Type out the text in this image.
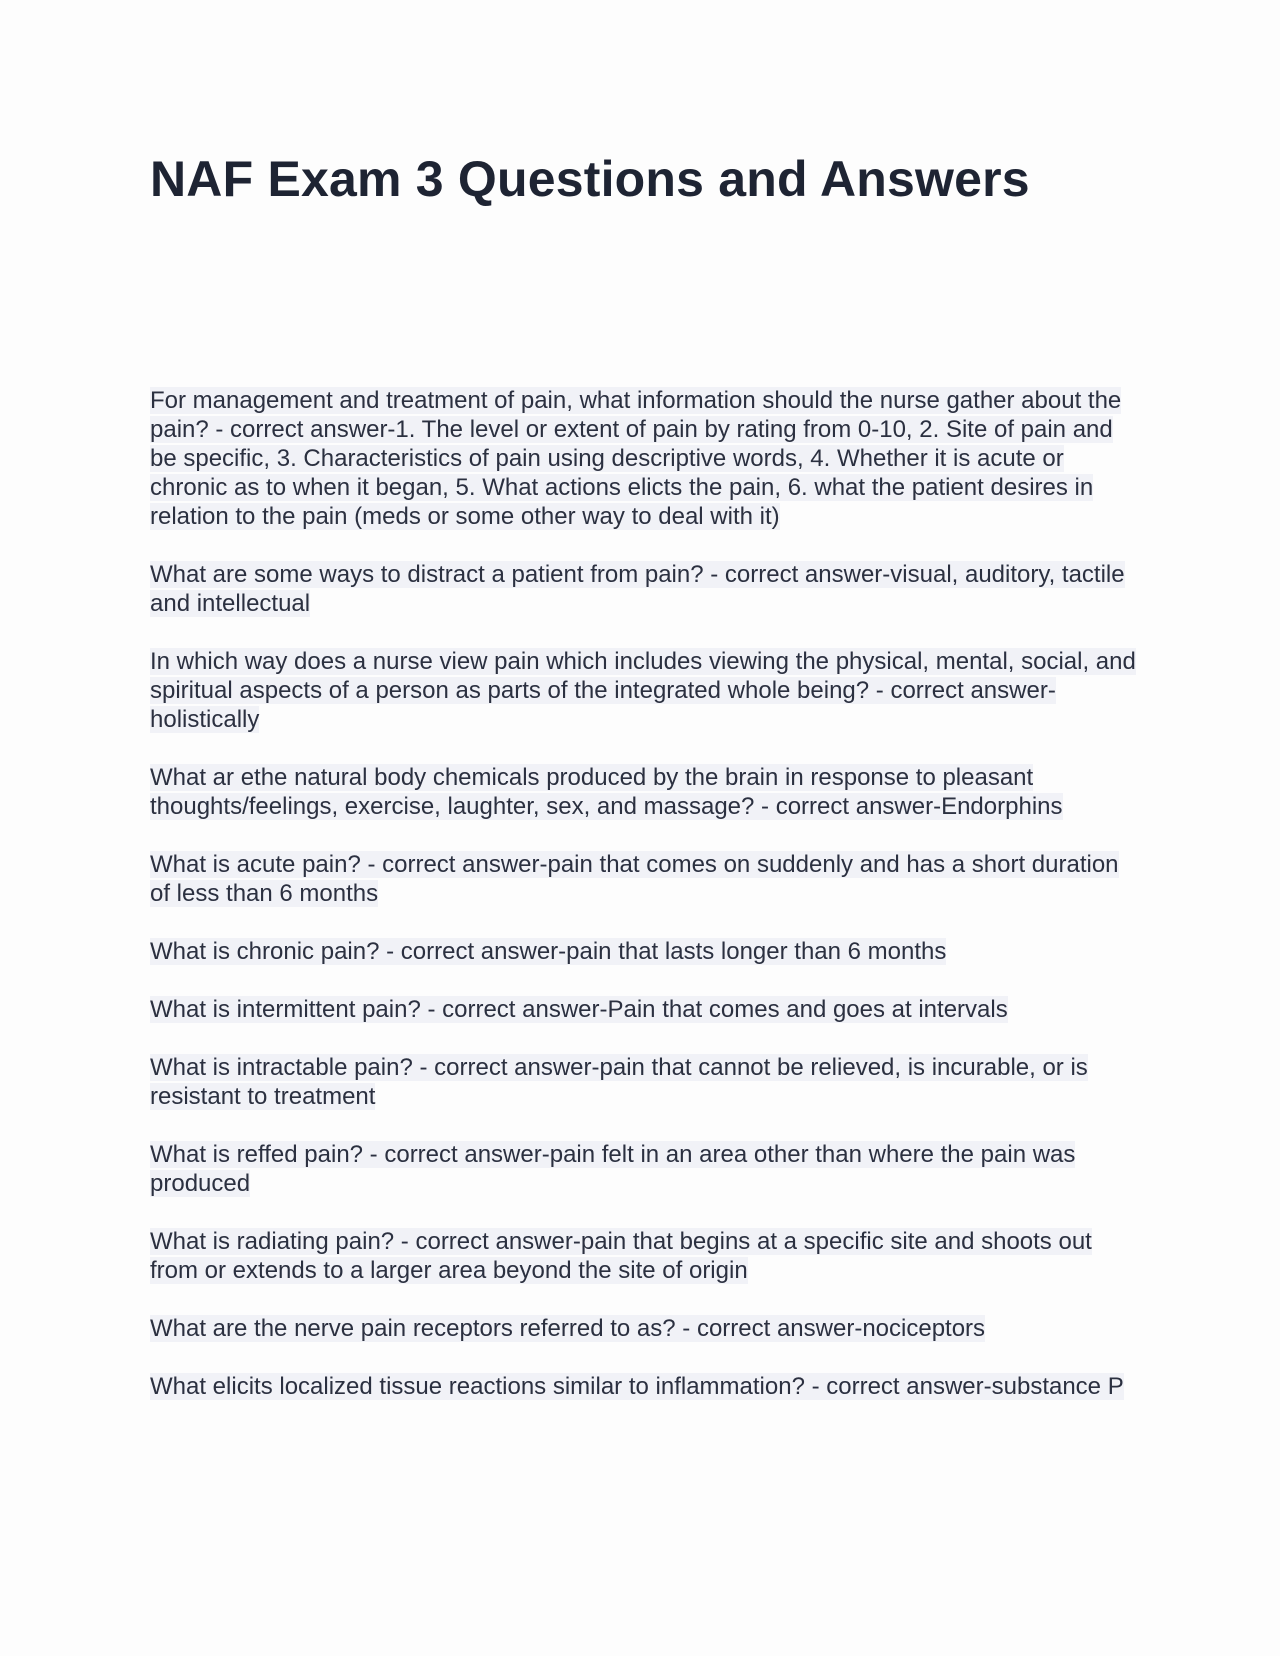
NAF Exam 3 Questions and Answers

For management and treatment of pain, what information should the nurse gather about the pain? - correct answer-1. The level or extent of pain by rating from 0-10, 2. Site of pain and be specific, 3. Characteristics of pain using descriptive words, 4. Whether it is acute or chronic as to when it began, 5. What actions elicts the pain, 6. what the patient desires in relation to the pain (meds or some other way to deal with it)

What are some ways to distract a patient from pain? - correct answer-visual, auditory, tactile and intellectual

In which way does a nurse view pain which includes viewing the physical, mental, social, and spiritual aspects of a person as parts of the integrated whole being? - correct answer-holistically

What ar ethe natural body chemicals produced by the brain in response to pleasant thoughts/feelings, exercise, laughter, sex, and massage? - correct answer-Endorphins

What is acute pain? - correct answer-pain that comes on suddenly and has a short duration of less than 6 months

What is chronic pain? - correct answer-pain that lasts longer than 6 months

What is intermittent pain? - correct answer-Pain that comes and goes at intervals

What is intractable pain? - correct answer-pain that cannot be relieved, is incurable, or is resistant to treatment

What is reffed pain? - correct answer-pain felt in an area other than where the pain was produced

What is radiating pain? - correct answer-pain that begins at a specific site and shoots out from or extends to a larger area beyond the site of origin

What are the nerve pain receptors referred to as? - correct answer-nociceptors

What elicits localized tissue reactions similar to inflammation? - correct answer-substance P
